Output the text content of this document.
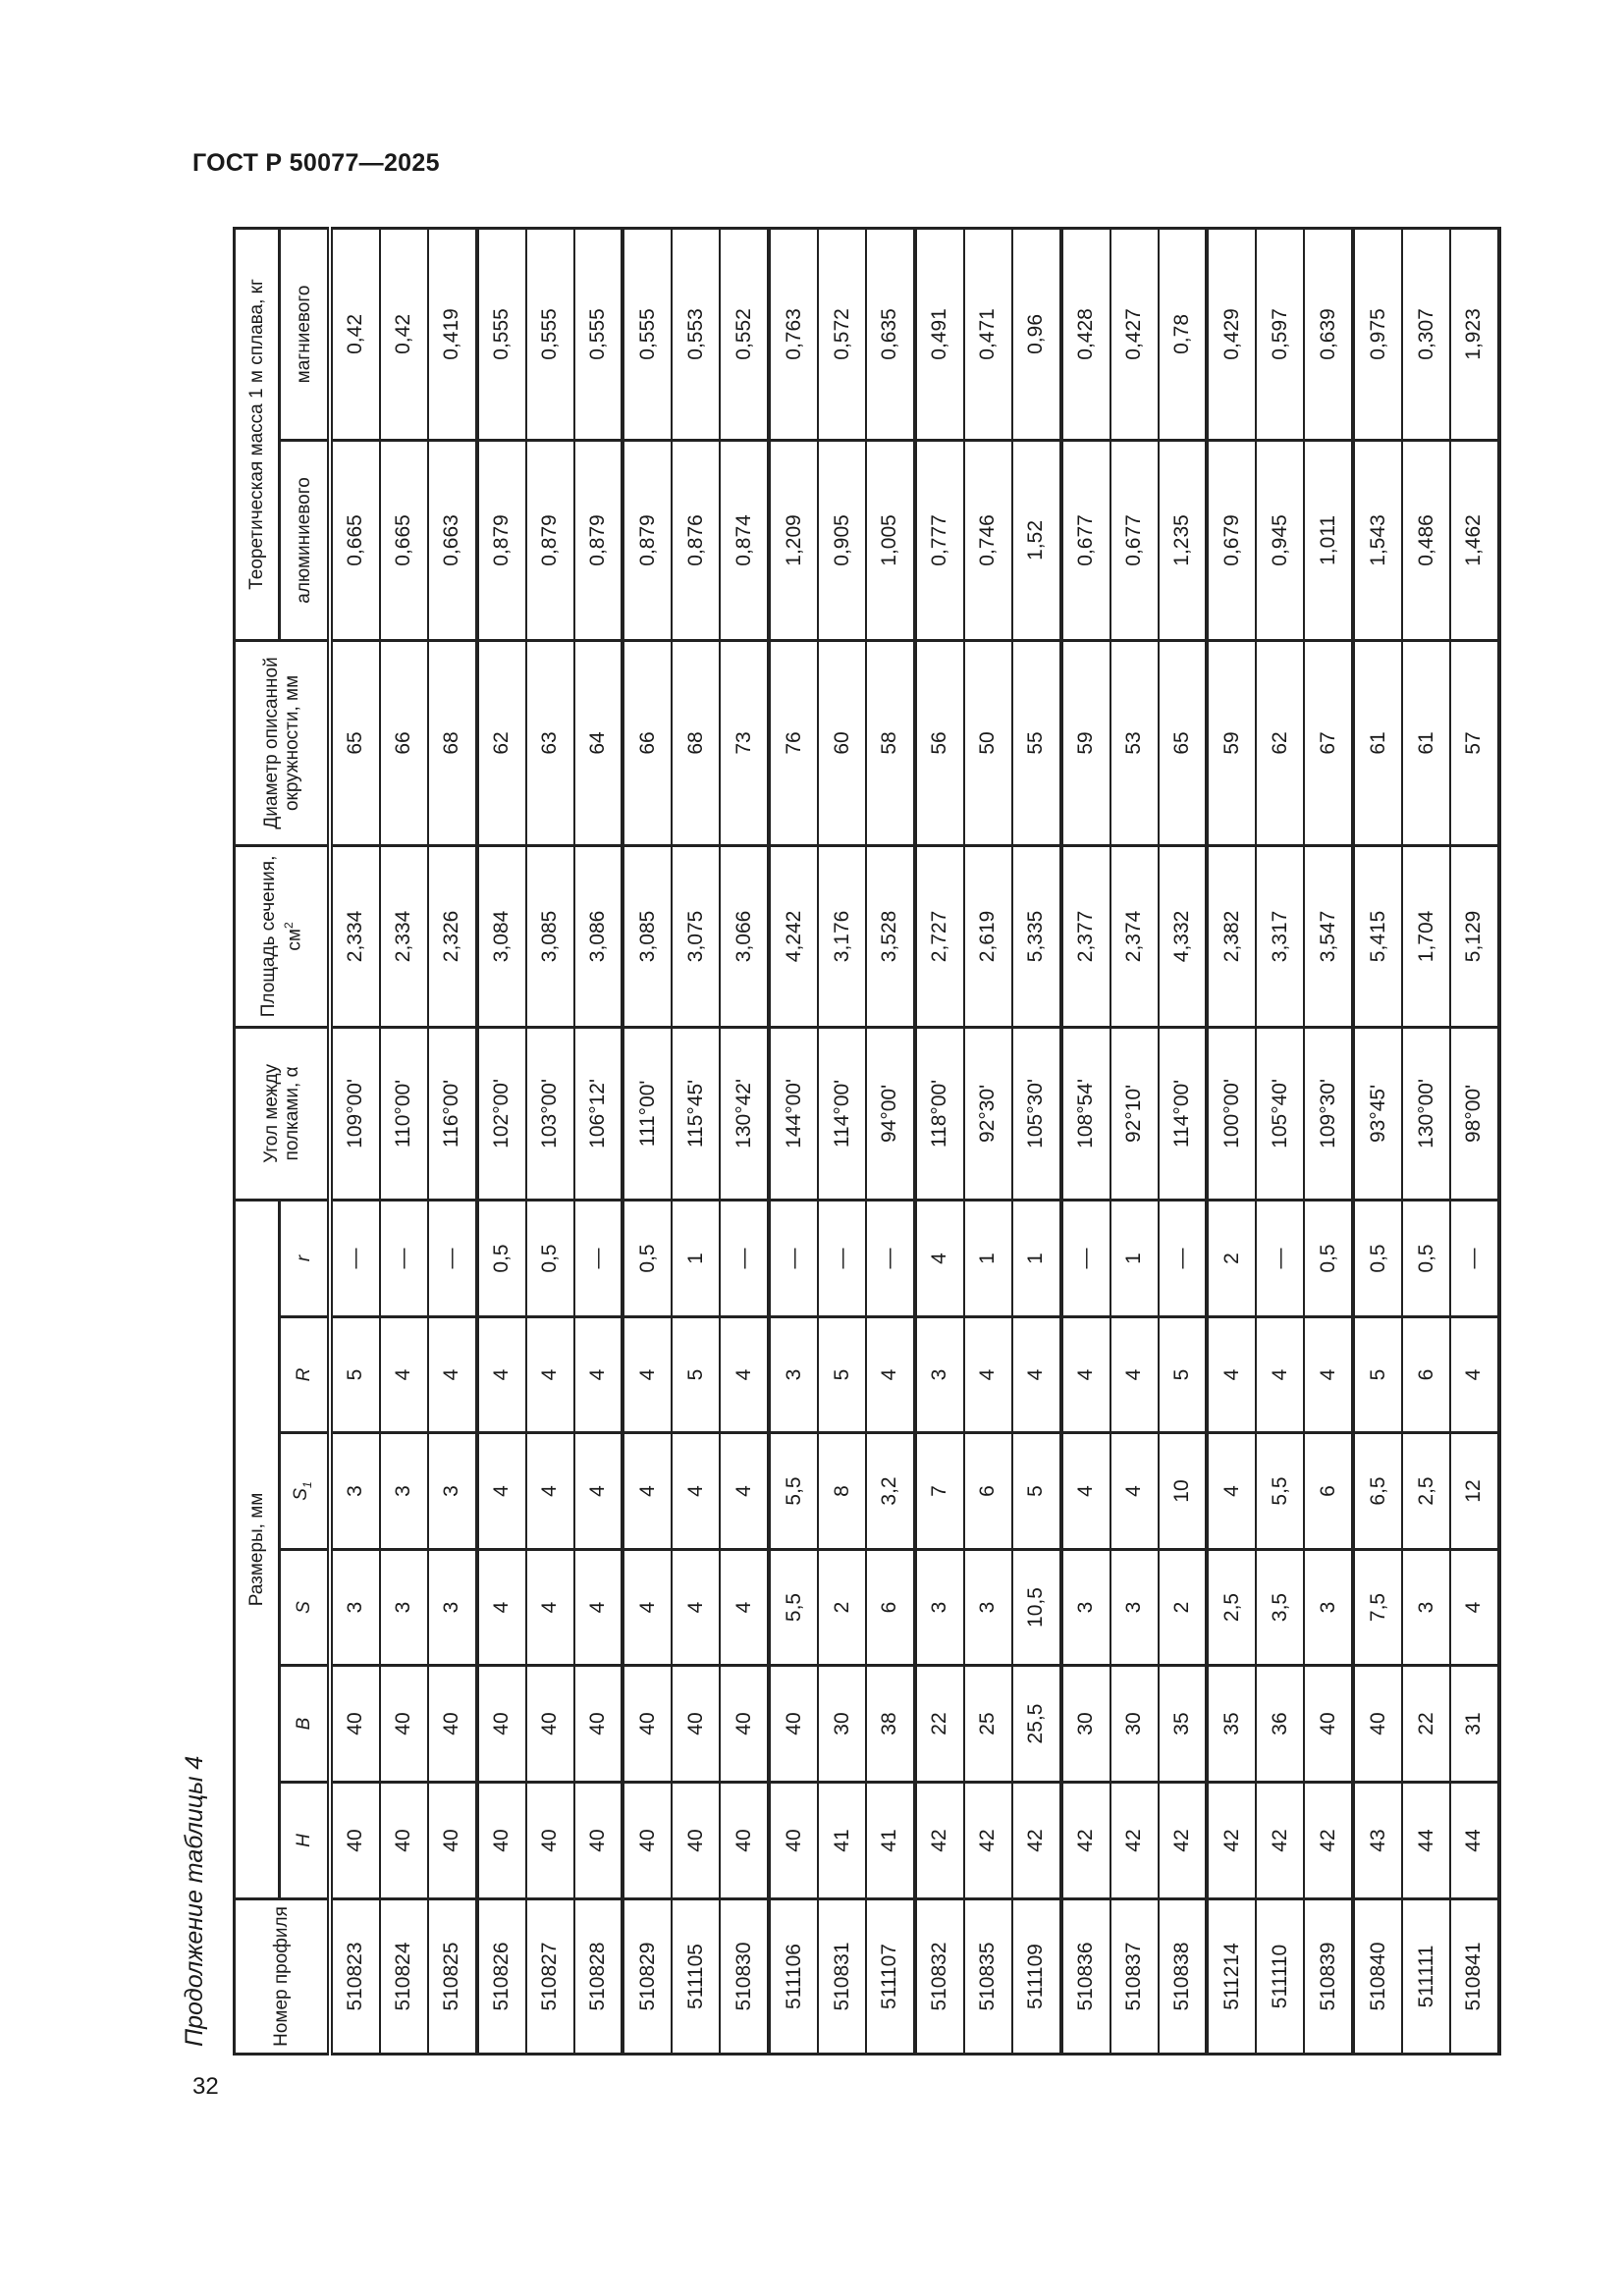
ГОСТ Р 50077—2025
Продолжение таблицы 4
32
Номер профиля	Размеры, мм						Угол между полками, α	Площадь сечения, $см^2$	Диаметр описанной окружности, мм	Теоретическая масса 1 м сплава, кг	
	H	B	S	$S_1$	R	r				алюминиевого	магниевого
510823	40	40	3	3	5	—	109°00'	2,334	65	0,665	0,42
510824	40	40	3	3	4	—	110°00'	2,334	66	0,665	0,42
510825	40	40	3	3	4	—	116°00'	2,326	68	0,663	0,419
510826	40	40	4	4	4	0,5	102°00'	3,084	62	0,879	0,555
510827	40	40	4	4	4	0,5	103°00'	3,085	63	0,879	0,555
510828	40	40	4	4	4	—	106°12'	3,086	64	0,879	0,555
510829	40	40	4	4	4	0,5	111°00'	3,085	66	0,879	0,555
511105	40	40	4	4	5	1	115°45'	3,075	68	0,876	0,553
510830	40	40	4	4	4	—	130°42'	3,066	73	0,874	0,552
511106	40	40	5,5	5,5	3	—	144°00'	4,242	76	1,209	0,763
510831	41	30	2	8	5	—	114°00'	3,176	60	0,905	0,572
511107	41	38	6	3,2	4	—	94°00'	3,528	58	1,005	0,635
510832	42	22	3	7	3	4	118°00'	2,727	56	0,777	0,491
510835	42	25	3	6	4	1	92°30'	2,619	50	0,746	0,471
511109	42	25,5	10,5	5	4	1	105°30'	5,335	55	1,52	0,96
510836	42	30	3	4	4	—	108°54'	2,377	59	0,677	0,428
510837	42	30	3	4	4	1	92°10'	2,374	53	0,677	0,427
510838	42	35	2	10	5	—	114°00'	4,332	65	1,235	0,78
511214	42	35	2,5	4	4	2	100°00'	2,382	59	0,679	0,429
511110	42	36	3,5	5,5	4	—	105°40'	3,317	62	0,945	0,597
510839	42	40	3	6	4	0,5	109°30'	3,547	67	1,011	0,639
510840	43	40	7,5	6,5	5	0,5	93°45'	5,415	61	1,543	0,975
511111	44	22	3	2,5	6	0,5	130°00'	1,704	61	0,486	0,307
510841	44	31	4	12	4	—	98°00'	5,129	57	1,462	1,923
